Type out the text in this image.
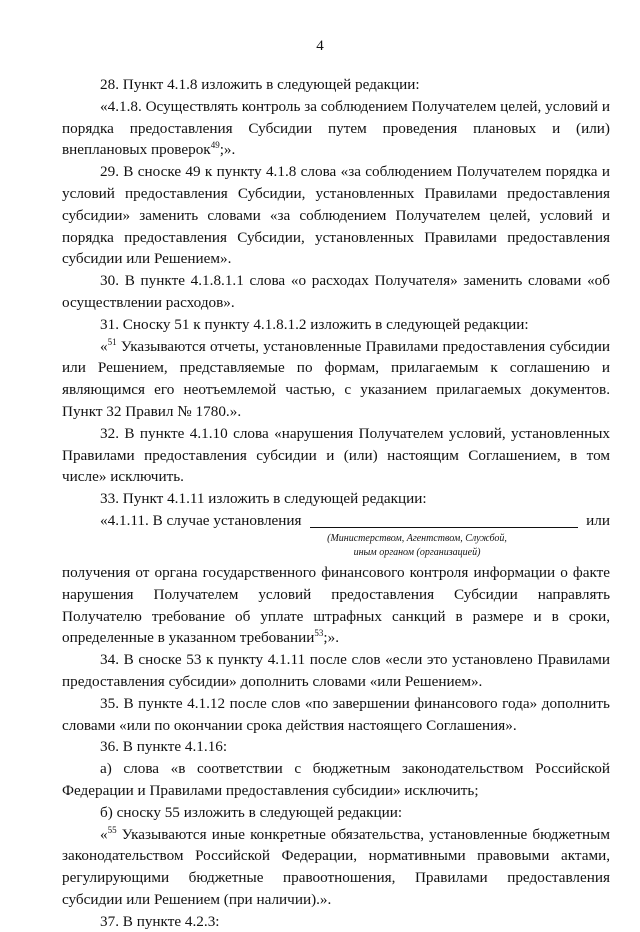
4

28. Пункт 4.1.8 изложить в следующей редакции:

«4.1.8. Осуществлять контроль за соблюдением Получателем целей, условий и порядка предоставления Субсидии путем проведения плановых и (или) внеплановых проверок$^{49}$;».

29. В сноске 49 к пункту 4.1.8 слова «за соблюдением Получателем порядка и условий предоставления Субсидии, установленных Правилами предоставления субсидии» заменить словами «за соблюдением Получателем целей, условий и порядка предоставления Субсидии, установленных Правилами предоставления субсидии или Решением».

30. В пункте 4.1.8.1.1 слова «о расходах Получателя» заменить словами «об осуществлении расходов».

31. Сноску 51 к пункту 4.1.8.1.2 изложить в следующей редакции:

«$^{51}$ Указываются отчеты, установленные Правилами предоставления субсидии или Решением, представляемые по формам, прилагаемым к соглашению и являющимся его неотъемлемой частью, с указанием прилагаемых документов. Пункт 32 Правил № 1780.».

32. В пункте 4.1.10 слова «нарушения Получателем условий, установленных Правилами предоставления субсидии и (или) настоящим Соглашением, в том числе» исключить.

33. Пункт 4.1.11 изложить в следующей редакции:

«4.1.11. В случае установления	или
(Министерством, Агентством, Службой,
иным органом (организацией)

получения от органа государственного финансового контроля информации о факте нарушения Получателем условий предоставления Субсидии направлять Получателю требование об уплате штрафных санкций в размере и в сроки, определенные в указанном требовании$^{53}$;».

34. В сноске 53 к пункту 4.1.11 после слов «если это установлено Правилами предоставления субсидии» дополнить словами «или Решением».

35. В пункте 4.1.12 после слов «по завершении финансового года» дополнить словами «или по окончании срока действия настоящего Соглашения».

36. В пункте 4.1.16:

а) слова «в соответствии с бюджетным законодательством Российской Федерации и Правилами предоставления субсидии» исключить;

б) сноску 55 изложить в следующей редакции:

«$^{55}$ Указываются иные конкретные обязательства, установленные бюджетным законодательством Российской Федерации, нормативными правовыми актами, регулирующими бюджетные правоотношения, Правилами предоставления субсидии или Решением (при наличии).».

37. В пункте 4.2.3:
